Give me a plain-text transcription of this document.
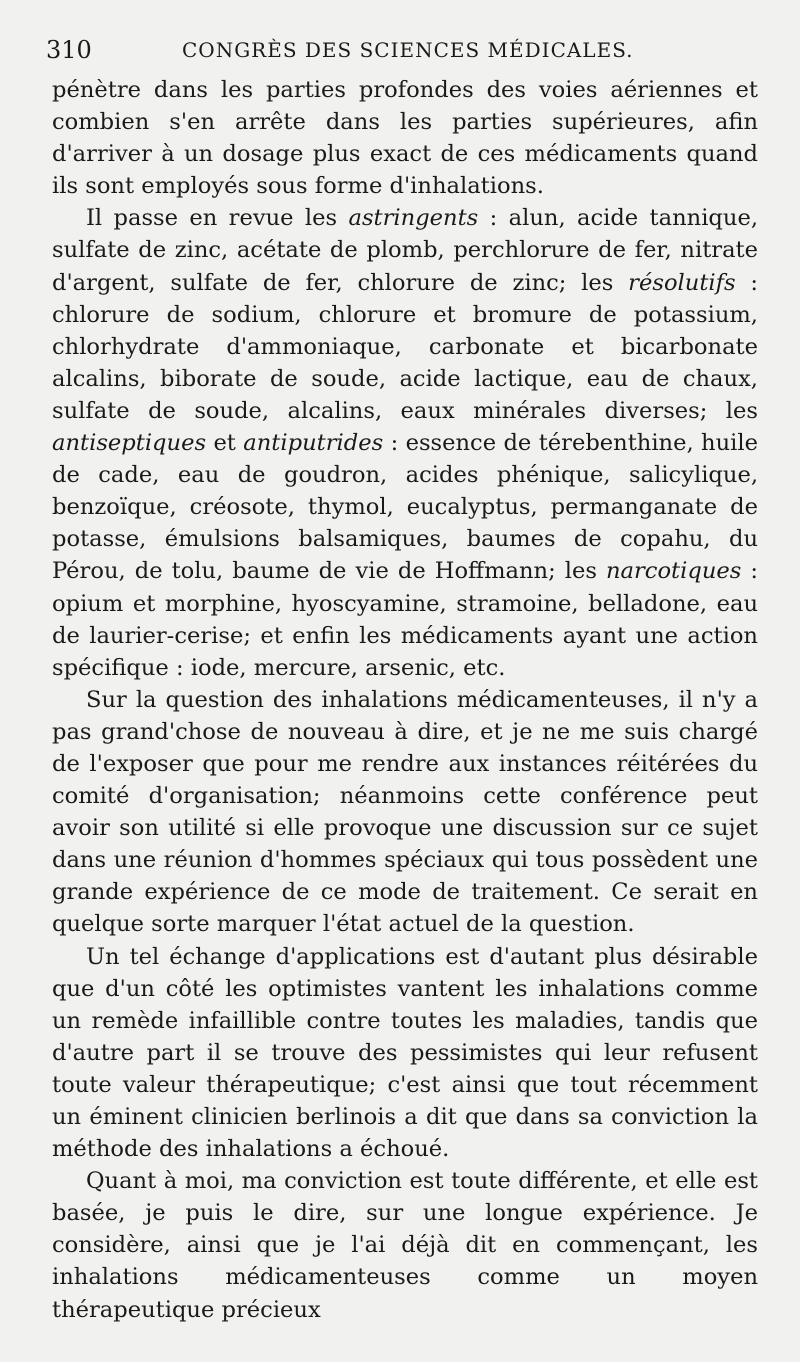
310	CONGRÈS DES SCIENCES MÉDICALES.

pénètre dans les parties profondes des voies aériennes et combien s'en arrête dans les parties supérieures, afin d'arriver à un dosage plus exact de ces médicaments quand ils sont employés sous forme d'inhalations.

Il passe en revue les astringents : alun, acide tannique, sulfate de zinc, acétate de plomb, perchlorure de fer, nitrate d'argent, sulfate de fer, chlorure de zinc; les résolutifs : chlorure de sodium, chlorure et bromure de potassium, chlorhydrate d'ammoniaque, carbonate et bicarbonate alcalins, biborate de soude, acide lactique, eau de chaux, sulfate de soude, alcalins, eaux minérales diverses; les antiseptiques et antiputrides : essence de térebenthine, huile de cade, eau de goudron, acides phénique, salicylique, benzoïque, créosote, thymol, eucalyptus, permanganate de potasse, émulsions balsamiques, baumes de copahu, du Pérou, de tolu, baume de vie de Hoffmann; les narcotiques : opium et morphine, hyoscyamine, stramoine, belladone, eau de laurier-cerise; et enfin les médicaments ayant une action spécifique : iode, mercure, arsenic, etc.

Sur la question des inhalations médicamenteuses, il n'y a pas grand'chose de nouveau à dire, et je ne me suis chargé de l'exposer que pour me rendre aux instances réitérées du comité d'organisation; néanmoins cette conférence peut avoir son utilité si elle provoque une discussion sur ce sujet dans une réunion d'hommes spéciaux qui tous possèdent une grande expérience de ce mode de traitement. Ce serait en quelque sorte marquer l'état actuel de la question.

Un tel échange d'applications est d'autant plus désirable que d'un côté les optimistes vantent les inhalations comme un remède infaillible contre toutes les maladies, tandis que d'autre part il se trouve des pessimistes qui leur refusent toute valeur thérapeutique; c'est ainsi que tout récemment un éminent clinicien berlinois a dit que dans sa conviction la méthode des inhalations a échoué.

Quant à moi, ma conviction est toute différente, et elle est basée, je puis le dire, sur une longue expérience. Je considère, ainsi que je l'ai déjà dit en commençant, les inhalations médicamenteuses comme un moyen thérapeutique précieux
